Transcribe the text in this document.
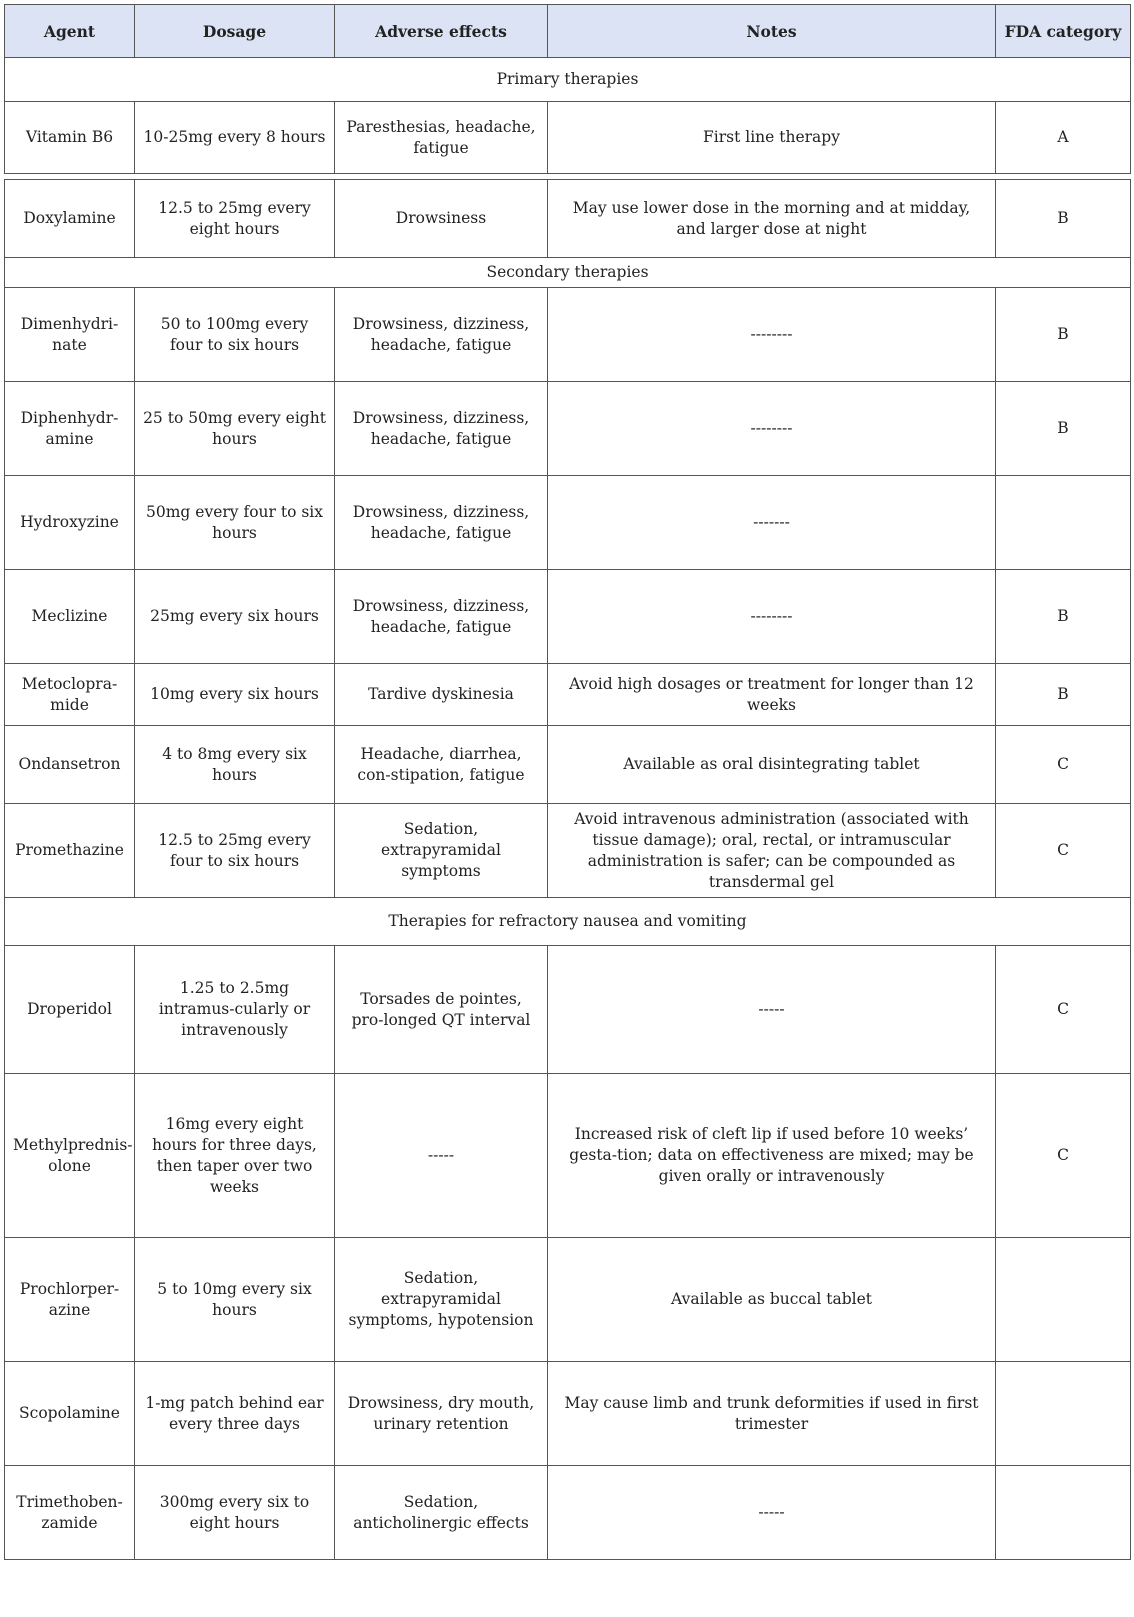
Agent	Dosage	Adverse effects	Notes	FDA category
Primary therapies				
Vitamin B6	10-25mg every 8 hours	Paresthesias, headache, fatigue	First line therapy	A

Doxylamine	12.5 to 25mg every eight hours	Drowsiness	May use lower dose in the morning and at midday, and larger dose at night	B
Secondary therapies				
Dimenhydri-nate	50 to 100mg every four to six hours	Drowsiness, dizziness, headache, fatigue	--------	B
Diphenhydr-amine	25 to 50mg every eight hours	Drowsiness, dizziness, headache, fatigue	--------	B
Hydroxyzine	50mg every four to six hours	Drowsiness, dizziness, headache, fatigue	-------	
Meclizine	25mg every six hours	Drowsiness, dizziness, headache, fatigue	--------	B
Metoclopra-mide	10mg every six hours	Tardive dyskinesia	Avoid high dosages or treatment for longer than 12 weeks	B
Ondansetron	4 to 8mg every six hours	Headache, diarrhea, con-stipation, fatigue	Available as oral disintegrating tablet	C
Promethazine	12.5 to 25mg every four to six hours	Sedation, extrapyramidal symptoms	Avoid intravenous administration (associated with tissue damage); oral, rectal, or intramuscular administration is safer; can be compounded as transdermal gel	C
Therapies for refractory nausea and vomiting				
Droperidol	1.25 to 2.5mg intramus-cularly or intravenously	Torsades de pointes, pro-longed QT interval	-----	C
Methylprednis-olone	16mg every eight hours for three days, then taper over two weeks	-----	Increased risk of cleft lip if used before 10 weeks’ gesta-tion; data on effectiveness are mixed; may be given orally or intravenously	C
Prochlorper-azine	5 to 10mg every six hours	Sedation, extrapyramidal symptoms, hypotension	Available as buccal tablet	
Scopolamine	1-mg patch behind ear every three days	Drowsiness, dry mouth, urinary retention	May cause limb and trunk deformities if used in first trimester	
Trimethoben-zamide	300mg every six to eight hours	Sedation, anticholinergic effects	-----	
